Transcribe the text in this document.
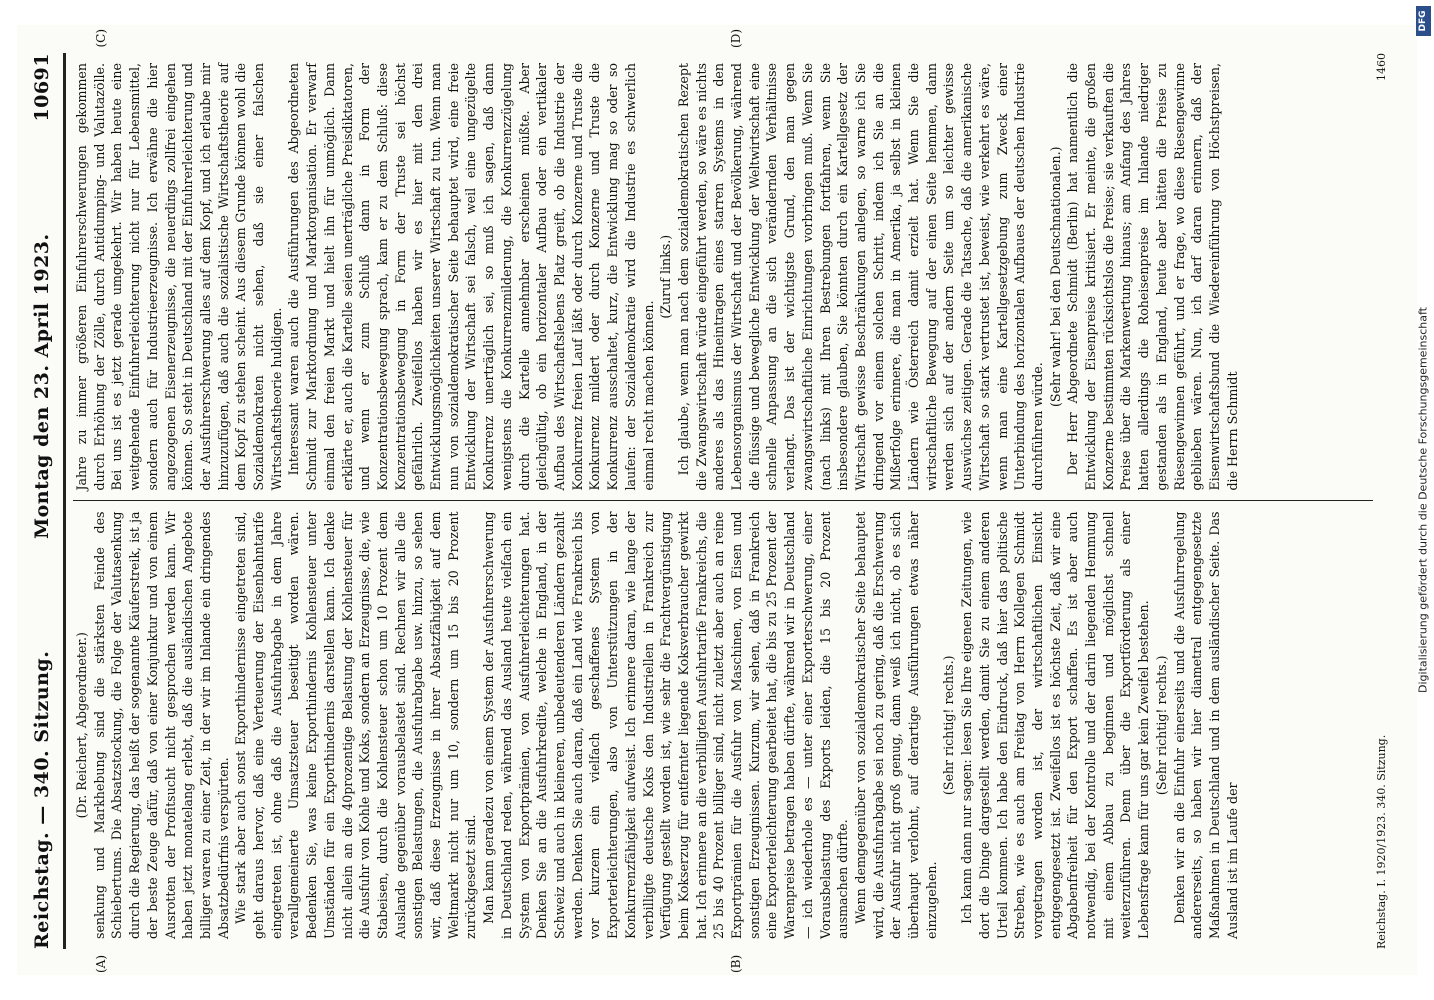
Reichstag. — 340. Sitzung.
Montag den 23. April 1923.
10691
(A)	(B)

(Dr. Reichert, Abgeordneter.) senkung und Markhebung sind die stärksten Feinde des Schiebertums. Die Absatzstockung, die Folge der Valutasenkung durch die Regierung, das heißt der sogenannte Käuferstreik, ist ja der beste Zeuge dafür, daß von einer Konjunktur und von einem Ausrotten der Profitsucht nicht gesprochen werden kann. Wir haben jetzt monatelang erlebt, daß die ausländischen Angebote billiger waren zu einer Zeit, in der wir im Inlande ein dringendes Absatzbedürfnis verspürten. Wie stark aber auch sonst Exporthindernisse eingetreten sind, geht daraus hervor, daß eine Verteuerung der Eisenbahntarife eingetreten ist, ohne daß die Ausfuhrabgabe in dem Jahre verallgemeinerte Umsatzsteuer beseitigt worden wären. Bedenken Sie, was keine Exporthindernis Kohlensteuer unter Umständen für ein Exporthindernis darstellen kann. Ich denke nicht allein an die 40prozentige Belastung der Kohlensteuer für die Ausfuhr von Kohle und Koks, sondern an Erzeugnisse, die, wie Stabeisen, durch die Kohlensteuer schon um 10 Prozent dem Auslande gegenüber vorausbelastet sind. Rechnen wir alle die sonstigen Belastungen, die Ausfuhrabgabe usw. hinzu, so sehen wir, daß diese Erzeugnisse in ihrer Absatzfähigkeit auf dem Weltmarkt nicht nur um 10, sondern um 15 bis 20 Prozent zurückgesetzt sind. Man kann geradezu von einem System der Ausfuhrerschwerung in Deutschland reden, während das Ausland heute vielfach ein System von Exportprämien, von Ausfuhrerleichterungen hat. Denken Sie an die Ausfuhrkredite, welche in England, in der Schweiz und auch in kleineren, unbedeutenderen Ländern gezahlt werden. Denken Sie auch daran, daß ein Land wie Frankreich bis vor kurzem ein vielfach geschaffenes System von Exporterleichterungen, also von Unterstützungen in der Konkurrenzfähigkeit aufweist. Ich erinnere daran, wie lange der verbilligte deutsche Koks den Industriellen in Frankreich zur Verfügung gestellt worden ist, wie sehr die Frachtvergünstigung beim Kokserzug für entfernter liegende Koksverbraucher gewirkt hat. Ich erinnere an die verbilligten Ausfuhrtarife Frankreichs, die 25 bis 40 Prozent billiger sind, nicht zuletzt aber auch an reine Exportprämien für die Ausfuhr von Maschinen, von Eisen und sonstigen Erzeugnissen. Kurzum, wir sehen, daß in Frankreich eine Exporterleichterung gearbeitet hat, die bis zu 25 Prozent der Warenpreise betragen haben dürfte, während wir in Deutschland — ich wiederhole es — unter einer Exporterschwerung, einer Vorausbelastung des Exports leiden, die 15 bis 20 Prozent ausmachen dürfte. Wenn demgegenüber von sozialdemokratischer Seite behauptet wird, die Ausfuhrabgabe sei noch zu gering, daß die Erschwerung der Ausfuhr nicht groß genug, dann weiß ich nicht, ob es sich überhaupt verlohnt, auf derartige Ausführungen etwas näher einzugehen.

(Sehr richtig! rechts.) Ich kann dann nur sagen: lesen Sie Ihre eigenen Zeitungen, wie dort die Dinge dargestellt werden, damit Sie zu einem anderen Urteil kommen. Ich habe den Eindruck, daß hier das politische Streben, wie es auch am Freitag von Herrn Kollegen Schmidt vorgetragen worden ist, der wirtschaftlichen Einsicht entgegengesetzt ist. Zweifellos ist es höchste Zeit, daß wir eine Abgabenfreiheit für den Export schaffen. Es ist aber auch notwendig, bei der Kontrolle und der darin liegenden Hemmung mit einem Abbau zu beginnen und möglichst schnell weiterzuführen. Denn über die Exportförderung als einer Lebensfrage kann für uns gar kein Zweifel bestehen. (Sehr richtig! rechts.) Denken wir an die Einfuhr einerseits und die Ausfuhrregelung andererseits, so haben wir hier diametral entgegengesetzte Maßnahmen in Deutschland und in dem ausländischer Seite. Das Ausland ist im Laufe der

(C)	(D)

Jahre zu immer größeren Einfuhrerschwerungen gekommen durch Erhöhung der Zölle, durch Antidumping- und Valutazölle. Bei uns ist es jetzt gerade umgekehrt. Wir haben heute eine weitgehende Einfuhrerleichterung nicht nur für Lebensmittel, sondern auch für Industrieerzeugnisse. Ich erwähne die hier angezogenen Eisenerzeugnisse, die neuerdings zollfrei eingehen können. So steht in Deutschland mit der Einfuhrerleichterung und der Ausfuhrerschwerung alles auf dem Kopf, und ich erlaube mir hinzuzufügen, daß auch die sozialistische Wirtschaftstheorie auf dem Kopf zu stehen scheint. Aus diesem Grunde können wohl die Sozialdemokraten nicht sehen, daß sie einer falschen Wirtschaftstheorie huldigen. Interessant waren auch die Ausführungen des Abgeordneten Schmidt zur Marktordnung und Marktorganisation. Er verwarf einmal den freien Markt und hielt ihn für unmöglich. Dann erklärte er, auch die Kartelle seien unerträgliche Preisdiktatoren, und wenn er zum Schluß dann in Form der Konzentrationsbewegung sprach, kam er zu dem Schluß: diese Konzentrationsbewegung in Form der Truste sei höchst gefährlich. Zweifellos haben wir es hier mit den drei Entwicklungsmöglichkeiten unserer Wirtschaft zu tun. Wenn man nun von sozialdemokratischer Seite behauptet wird, eine freie Entwicklung der Wirtschaft sei falsch, weil eine ungezügelte Konkurrenz unerträglich sei, so muß ich sagen, daß dann wenigstens die Konkurrenzmilderung, die Konkurrenzzügelung durch die Kartelle annehmbar erscheinen müßte. Aber gleichgültig, ob ein horizontaler Aufbau oder ein vertikaler Aufbau des Wirtschaftslebens Platz greift, ob die Industrie der Konkurrenz freien Lauf läßt oder durch Konzerne und Truste die Konkurrenz mildert oder durch Konzerne und Truste die Konkurrenz ausschaltet, kurz, die Entwicklung mag so oder so laufen: der Sozialdemokratie wird die Industrie es schwerlich einmal recht machen können.

(Zuruf links.) Ich glaube, wenn man nach dem sozialdemokratischen Rezept die Zwangswirtschaft würde eingeführt werden, so wäre es nichts anderes als das Hineintragen eines starren Systems in den Lebensorganismus der Wirtschaft und der Bevölkerung, während die flüssige und bewegliche Entwicklung der Weltwirtschaft eine schnelle Anpassung an die sich verändernden Verhältnisse verlangt. Das ist der wichtigste Grund, den man gegen zwangswirtschaftliche Einrichtungen vorbringen muß. Wenn Sie (nach links) mit Ihren Bestrebungen fortfahren, wenn Sie insbesondere glauben, Sie könnten durch ein Kartellgesetz der Wirtschaft gewisse Beschränkungen anlegen, so warne ich Sie dringend vor einem solchen Schritt, indem ich Sie an die Mißerfolge erinnere, die man in Amerika, ja selbst in kleinen Ländern wie Österreich damit erzielt hat. Wenn Sie die wirtschaftliche Bewegung auf der einen Seite hemmen, dann werden sich auf der andern Seite um so leichter gewisse Auswüchse zeitigen. Gerade die Tatsache, daß die amerikanische Wirtschaft so stark vertrustet ist, beweist, wie verkehrt es wäre, wenn man eine Kartellgesetzgebung zum Zweck einer Unterbindung des horizontalen Aufbaues der deutschen Industrie durchführen würde.

(Sehr wahr! bei den Deutschnationalen.) Der Herr Abgeordnete Schmidt (Berlin) hat namentlich die Entwicklung der Eisenpreise kritisiert. Er meinte, die großen Konzerne bestimmten rücksichtslos die Preise; sie verkauften die Preise über die Markenwertung hinaus; am Anfang des Jahres hatten allerdings die Roheisenpreise im Inlande niedriger gestanden als in England, heute aber hätten die Preise zu Riesengewinnen geführt, und er frage, wo diese Riesengewinne geblieben wären. Nun, ich darf daran erinnern, daß der Eisenwirtschaftsbund die Wiedereinführung von Höchstpreisen, die Herrn Schmidt

Reichstag. I. 1920/1923. 340. Sitzung.
1460
Digitalisierung gefördert durch die Deutsche Forschungsgemeinschaft
DFG
